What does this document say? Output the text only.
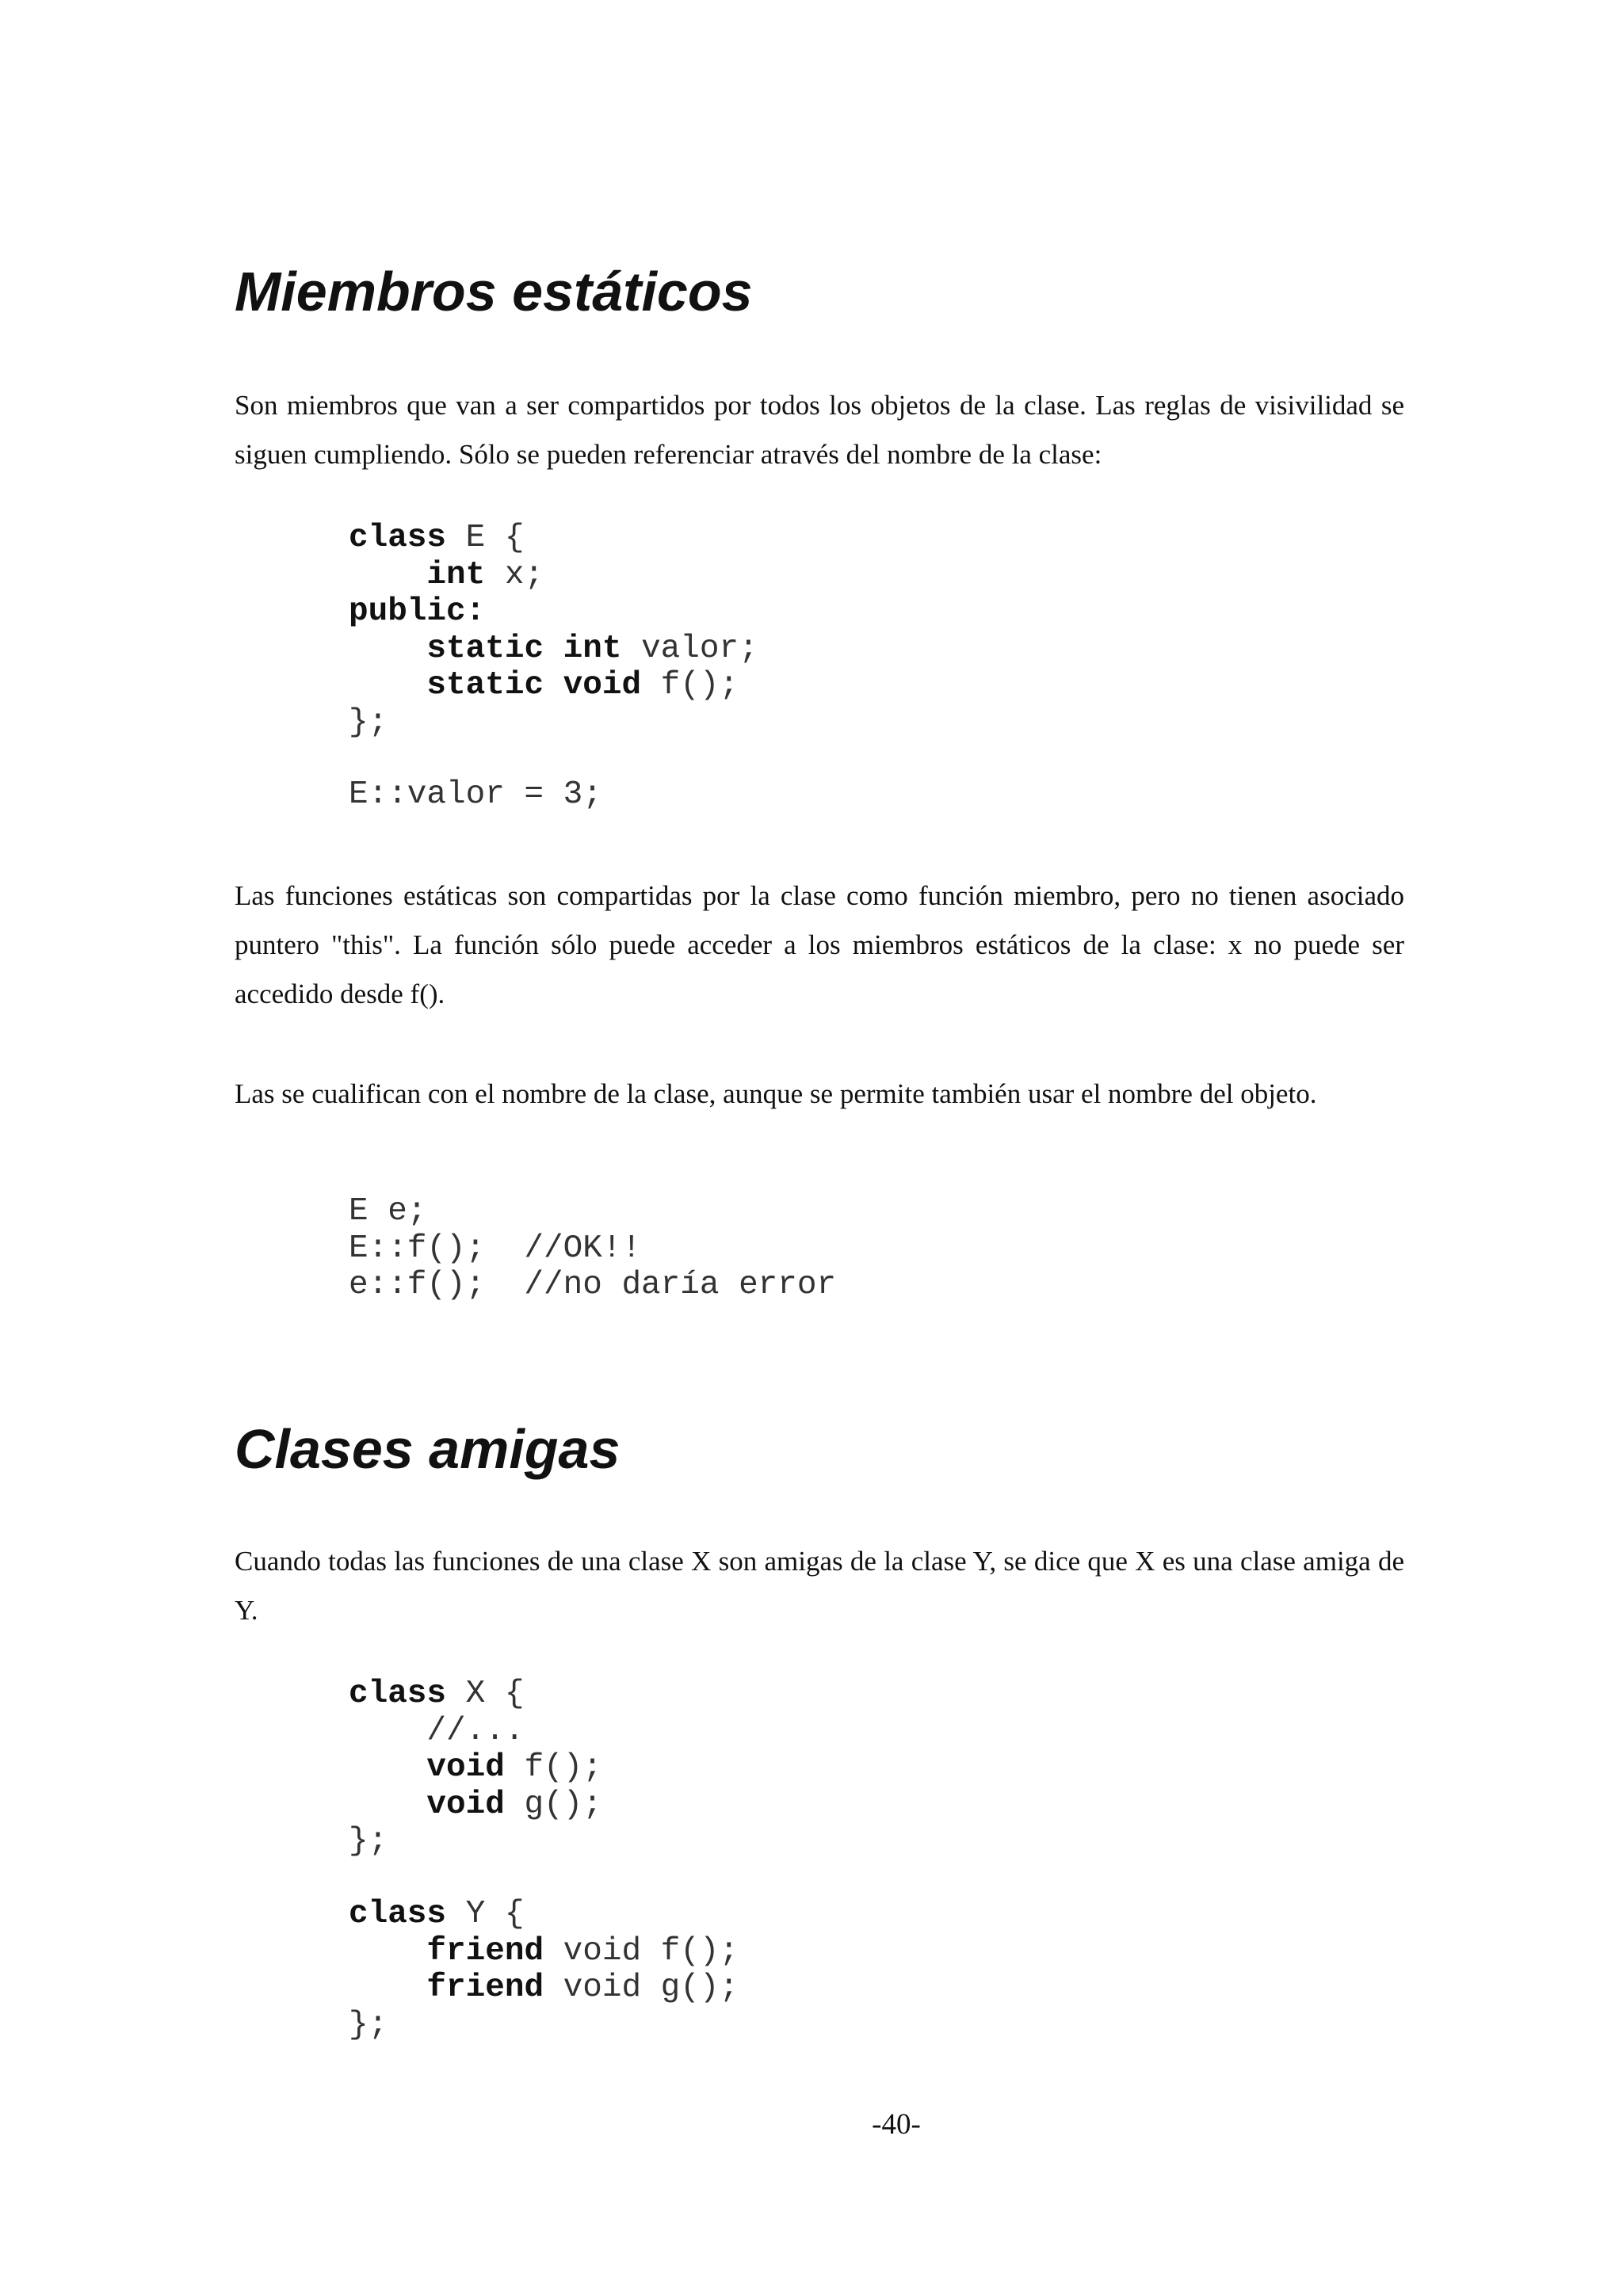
Miembros estáticos

Son miembros que van a ser compartidos por todos los objetos de la clase. Las reglas de visivilidad se siguen cumpliendo. Sólo se pueden referenciar através del nombre de la clase:

class E {
int x;
public:
static int valor;
static void f();
};
E::valor = 3;

Las funciones estáticas son compartidas por la clase como función miembro, pero no tienen asociado puntero "this". La función sólo puede acceder a los miembros estáticos de la clase: x no puede ser accedido desde f().

Las se cualifican con el nombre de la clase, aunque se permite también usar el nombre del objeto.

E e;
E::f();  //OK!!
e::f();  //no daría error
Clases amigas

Cuando todas las funciones de una clase X son amigas de la clase Y, se dice que X es una clase amiga de Y.

class X {
//...
void f();
void g();
};
class Y {
friend void f();
friend void g();
};
-40-
